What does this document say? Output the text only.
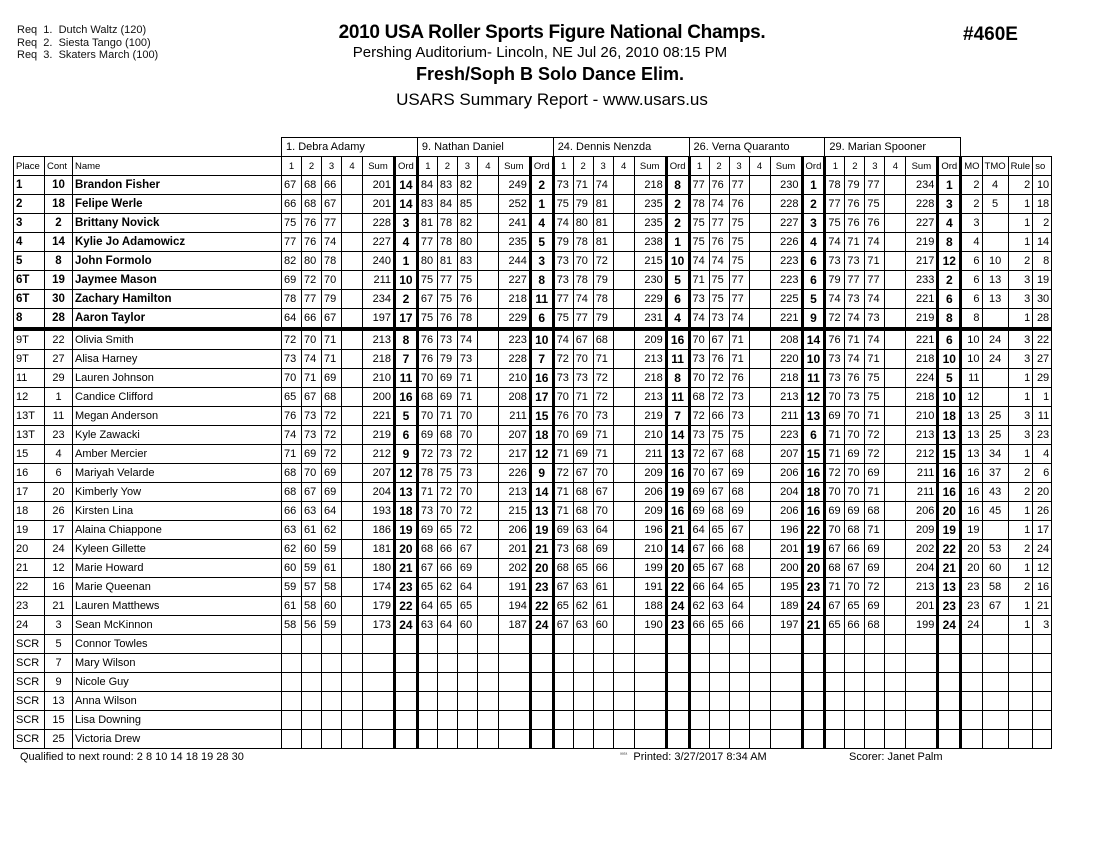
Req  1.  Dutch Waltz (120)
Req  2.  Siesta Tango (100)
Req  3.  Skaters March (100)
2010 USA Roller Sports Figure National Champs.
Pershing Auditorium- Lincoln, NE Jul 26, 2010 08:15 PM
Fresh/Soph B Solo Dance Elim.
USARS Summary Report - www.usars.us
#460E
			1. Debra Adamy						9. Nathan Daniel						24. Dennis Nenzda						26. Verna Quaranto						29. Marian Spooner									
Place	Cont	Name	1	2	3	4	Sum	Ord	1	2	3	4	Sum	Ord	1	2	3	4	Sum	Ord	1	2	3	4	Sum	Ord	1	2	3	4	Sum	Ord	MO	TMO	Rule	so
1	10	Brandon Fisher	67	68	66		201	14	84	83	82		249	2	73	71	74		218	8	77	76	77		230	1	78	79	77		234	1	2	4	2	10
2	18	Felipe Werle	66	68	67		201	14	83	84	85		252	1	75	79	81		235	2	78	74	76		228	2	77	76	75		228	3	2	5	1	18
3	2	Brittany Novick	75	76	77		228	3	81	78	82		241	4	74	80	81		235	2	75	77	75		227	3	75	76	76		227	4	3		1	2
4	14	Kylie Jo Adamowicz	77	76	74		227	4	77	78	80		235	5	79	78	81		238	1	75	76	75		226	4	74	71	74		219	8	4		1	14
5	8	John Formolo	82	80	78		240	1	80	81	83		244	3	73	70	72		215	10	74	74	75		223	6	73	73	71		217	12	6	10	2	8
6T	19	Jaymee Mason	69	72	70		211	10	75	77	75		227	8	73	78	79		230	5	71	75	77		223	6	79	77	77		233	2	6	13	3	19
6T	30	Zachary Hamilton	78	77	79		234	2	67	75	76		218	11	77	74	78		229	6	73	75	77		225	5	74	73	74		221	6	6	13	3	30
8	28	Aaron Taylor	64	66	67		197	17	75	76	78		229	6	75	77	79		231	4	74	73	74		221	9	72	74	73		219	8	8		1	28
9T	22	Olivia Smith	72	70	71		213	8	76	73	74		223	10	74	67	68		209	16	70	67	71		208	14	76	71	74		221	6	10	24	3	22
9T	27	Alisa Harney	73	74	71		218	7	76	79	73		228	7	72	70	71		213	11	73	76	71		220	10	73	74	71		218	10	10	24	3	27
11	29	Lauren Johnson	70	71	69		210	11	70	69	71		210	16	73	73	72		218	8	70	72	76		218	11	73	76	75		224	5	11		1	29
12	1	Candice Clifford	65	67	68		200	16	68	69	71		208	17	70	71	72		213	11	68	72	73		213	12	70	73	75		218	10	12		1	1
13T	11	Megan Anderson	76	73	72		221	5	70	71	70		211	15	76	70	73		219	7	72	66	73		211	13	69	70	71		210	18	13	25	3	11
13T	23	Kyle Zawacki	74	73	72		219	6	69	68	70		207	18	70	69	71		210	14	73	75	75		223	6	71	70	72		213	13	13	25	3	23
15	4	Amber Mercier	71	69	72		212	9	72	73	72		217	12	71	69	71		211	13	72	67	68		207	15	71	69	72		212	15	13	34	1	4
16	6	Mariyah Velarde	68	70	69		207	12	78	75	73		226	9	72	67	70		209	16	70	67	69		206	16	72	70	69		211	16	16	37	2	6
17	20	Kimberly Yow	68	67	69		204	13	71	72	70		213	14	71	68	67		206	19	69	67	68		204	18	70	70	71		211	16	16	43	2	20
18	26	Kirsten Lina	66	63	64		193	18	73	70	72		215	13	71	68	70		209	16	69	68	69		206	16	69	69	68		206	20	16	45	1	26
19	17	Alaina Chiappone	63	61	62		186	19	69	65	72		206	19	69	63	64		196	21	64	65	67		196	22	70	68	71		209	19	19		1	17
20	24	Kyleen Gillette	62	60	59		181	20	68	66	67		201	21	73	68	69		210	14	67	66	68		201	19	67	66	69		202	22	20	53	2	24
21	12	Marie Howard	60	59	61		180	21	67	66	69		202	20	68	65	66		199	20	65	67	68		200	20	68	67	69		204	21	20	60	1	12
22	16	Marie Queenan	59	57	58		174	23	65	62	64		191	23	67	63	61		191	22	66	64	65		195	23	71	70	72		213	13	23	58	2	16
23	21	Lauren Matthews	61	58	60		179	22	64	65	65		194	22	65	62	61		188	24	62	63	64		189	24	67	65	69		201	23	23	67	1	21
24	3	Sean McKinnon	58	56	59		173	24	63	64	60		187	24	67	63	60		190	23	66	65	66		197	21	65	66	68		199	24	24		1	3
SCR	5	Connor Towles																																		
SCR	7	Mary Wilson																																		
SCR	9	Nicole Guy																																		
SCR	13	Anna Wilson																																		
SCR	15	Lisa Downing																																		
SCR	25	Victoria Drew																																		
Qualified to next round: 2 8 10 14 18 19 28 30	$^{ᵃᵃ^1ᵃ}$ Printed: 3/27/2017 8:34 AM	Scorer: Janet Palm
